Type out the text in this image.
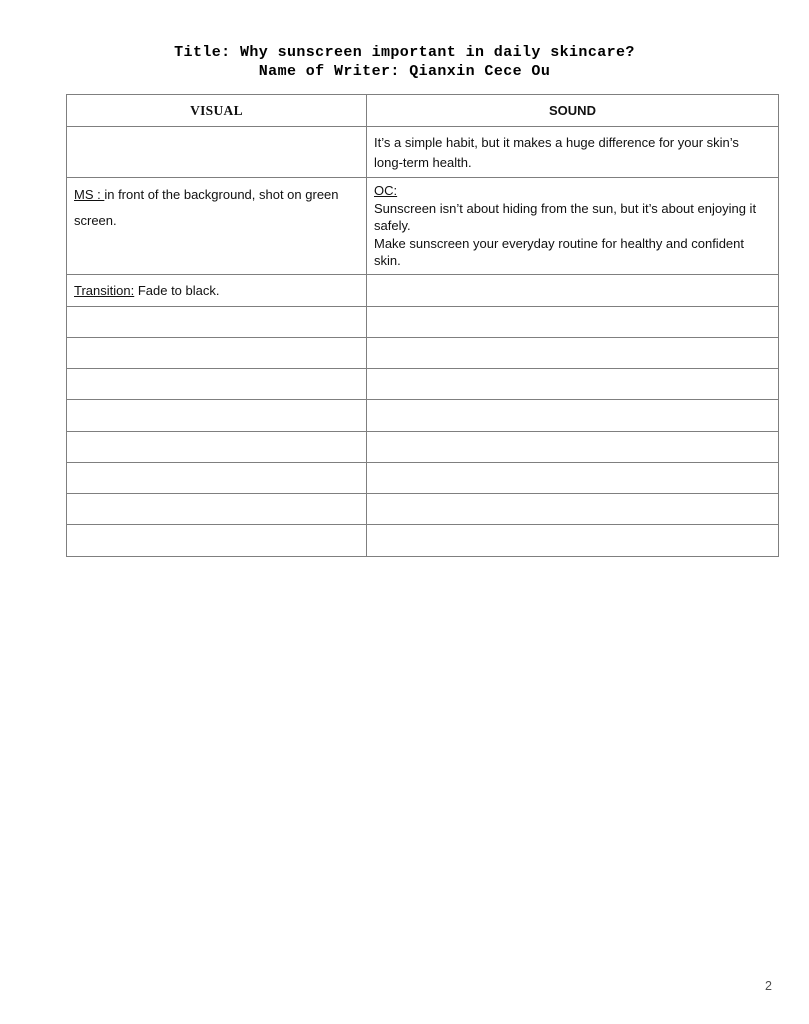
Title: Why sunscreen important in daily skincare?
Name of Writer: Qianxin Cece Ou
VISUAL	SOUND

	It’s a simple habit, but it makes a huge difference for your skin’s long-term health.

MS : in front of the background, shot on green screen.	OC:
Sunscreen isn’t about hiding from the sun, but it’s about enjoying it safely.
Make sunscreen your everyday routine for healthy and confident skin.

Transition: Fade to black.	

2
